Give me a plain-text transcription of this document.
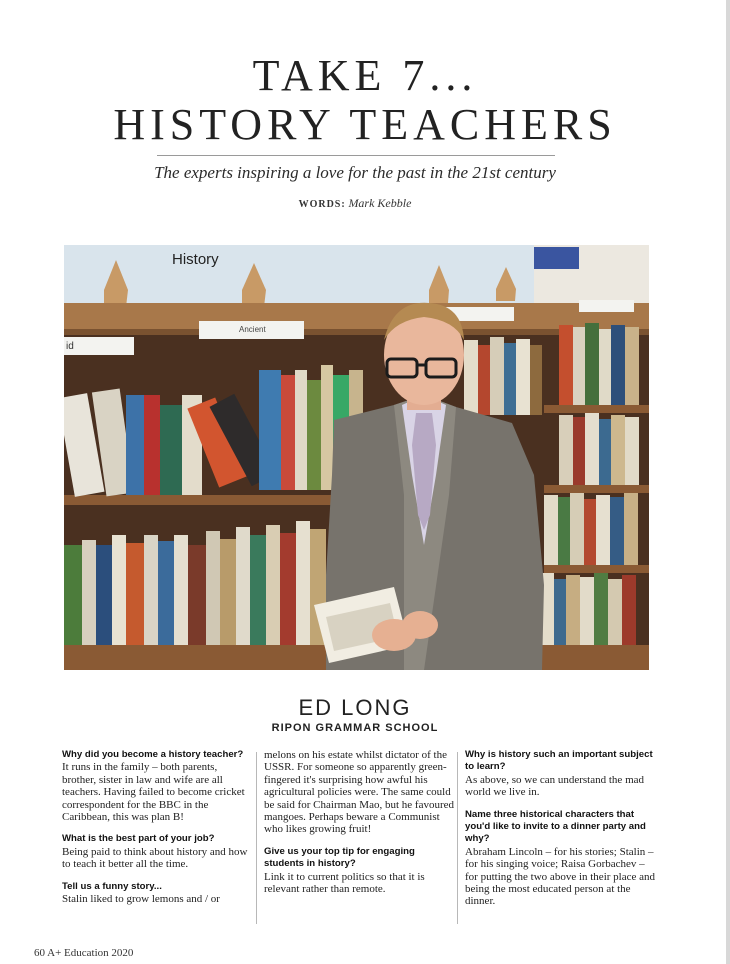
TAKE 7...
HISTORY TEACHERS
The experts inspiring a love for the past in the 21st century
WORDS: Mark Kebble
History
Ancient
id
ED LONG
RIPON GRAMMAR SCHOOL

Why did you become a history teacher?

It runs in the family – both parents, brother, sister in law and wife are all teachers. Having failed to become cricket correspondent for the BBC in the Caribbean, this was plan B!

What is the best part of your job?

Being paid to think about history and how to teach it better all the time.

Tell us a funny story...

Stalin liked to grow lemons and / or

melons on his estate whilst dictator of the USSR. For someone so apparently green-fingered it's surprising how awful his agricultural policies were. The same could be said for Chairman Mao, but he favoured mangoes. Perhaps beware a Communist who likes growing fruit!

Give us your top tip for engaging students in history?

Link it to current politics so that it is relevant rather than remote.

Why is history such an important subject to learn?

As above, so we can understand the mad world we live in.

Name three historical characters that you'd like to invite to a dinner party and why?

Abraham Lincoln – for his stories; Stalin – for his singing voice; Raisa Gorbachev – for putting the two above in their place and being the most educated person at the dinner.

60 A+ Education 2020
